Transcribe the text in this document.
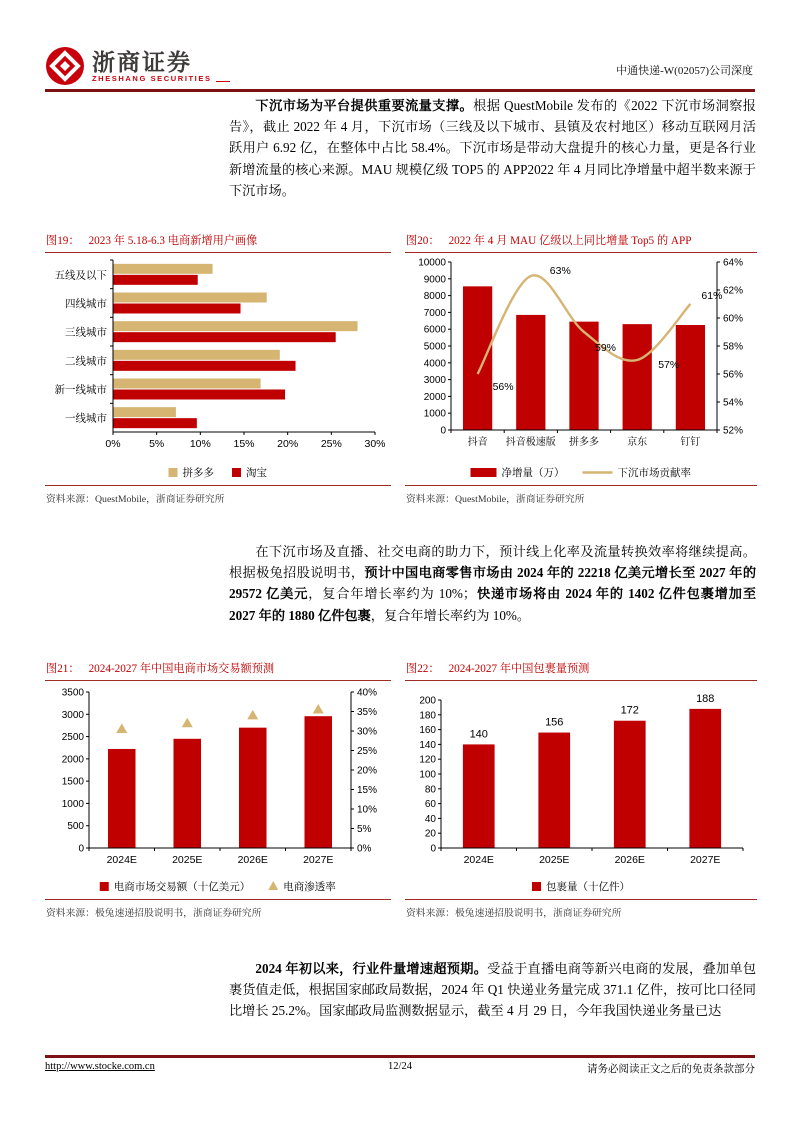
浙商证券
ZHESHANG SECURITIES
中通快递-W(02057)公司深度
下沉市场为平台提供重要流量支撑。根据 QuestMobile 发布的《2022 下沉市场洞察报告》，截止 2022 年 4 月，下沉市场（三线及以下城市、县镇及农村地区）移动互联网月活跃用户 6.92 亿，在整体中占比 58.4%。下沉市场是带动大盘提升的核心力量，更是各行业新增流量的核心来源。MAU 规模亿级 TOP5 的 APP2022 年 4 月同比净增量中超半数来源于下沉市场。
图19： 2023 年 5.18-6.3 电商新增用户画像
五线及以下
四线城市
三线城市
二线城市
新一线城市
一线城市
0%	5% 10% 15% 20% 25% 30%
拼多多	淘宝
资料来源：QuestMobile，浙商证券研究所
图20： 2022 年 4 月 MAU 亿级以上同比增量 Top5 的 APP
0
1000
2000
3000
4000
5000
6000
7000
8000
9000
10000
52%
54%
56%
58%
60%
62%
64%
抖音 抖音极速版 拼多多	京东	钉钉
56%
63%
59%
57%
61%
净增量（万）	下沉市场贡献率
资料来源：QuestMobile，浙商证券研究所
在下沉市场及直播、社交电商的助力下，预计线上化率及流量转换效率将继续提高。根据极兔招股说明书，预计中国电商零售市场由 2024 年的 22218 亿美元增长至 2027 年的 29572 亿美元，复合年增长率约为 10%；快递市场将由 2024 年的 1402 亿件包裹增加至 2027 年的 1880 亿件包裹，复合年增长率约为 10%。
图21： 2024-2027 年中国电商市场交易额预测
0
500
1000
1500
2000
2500
3000
3500
0%
5%
10%
15%
20%
25%
30%
35%
40%
2024E	2025E	2026E	2027E
电商市场交易额（十亿美元）	电商渗透率
资料来源：极兔速递招股说明书，浙商证券研究所
图22： 2024-2027 年中国包裹量预测
140
156
172
188
0
20
40
60
80
100
120
140
160
180
200
2024E	2025E	2026E	2027E
包裹量（十亿件）
资料来源：极兔速递招股说明书，浙商证券研究所
2024 年初以来，行业件量增速超预期。受益于直播电商等新兴电商的发展，叠加单包裹货值走低，根据国家邮政局数据，2024 年 Q1 快递业务量完成 371.1 亿件，按可比口径同比增长 25.2%。国家邮政局监测数据显示，截至 4 月 29 日，今年我国快递业务量已达
http://www.stocke.com.cn	12/24	请务必阅读正文之后的免责条款部分
